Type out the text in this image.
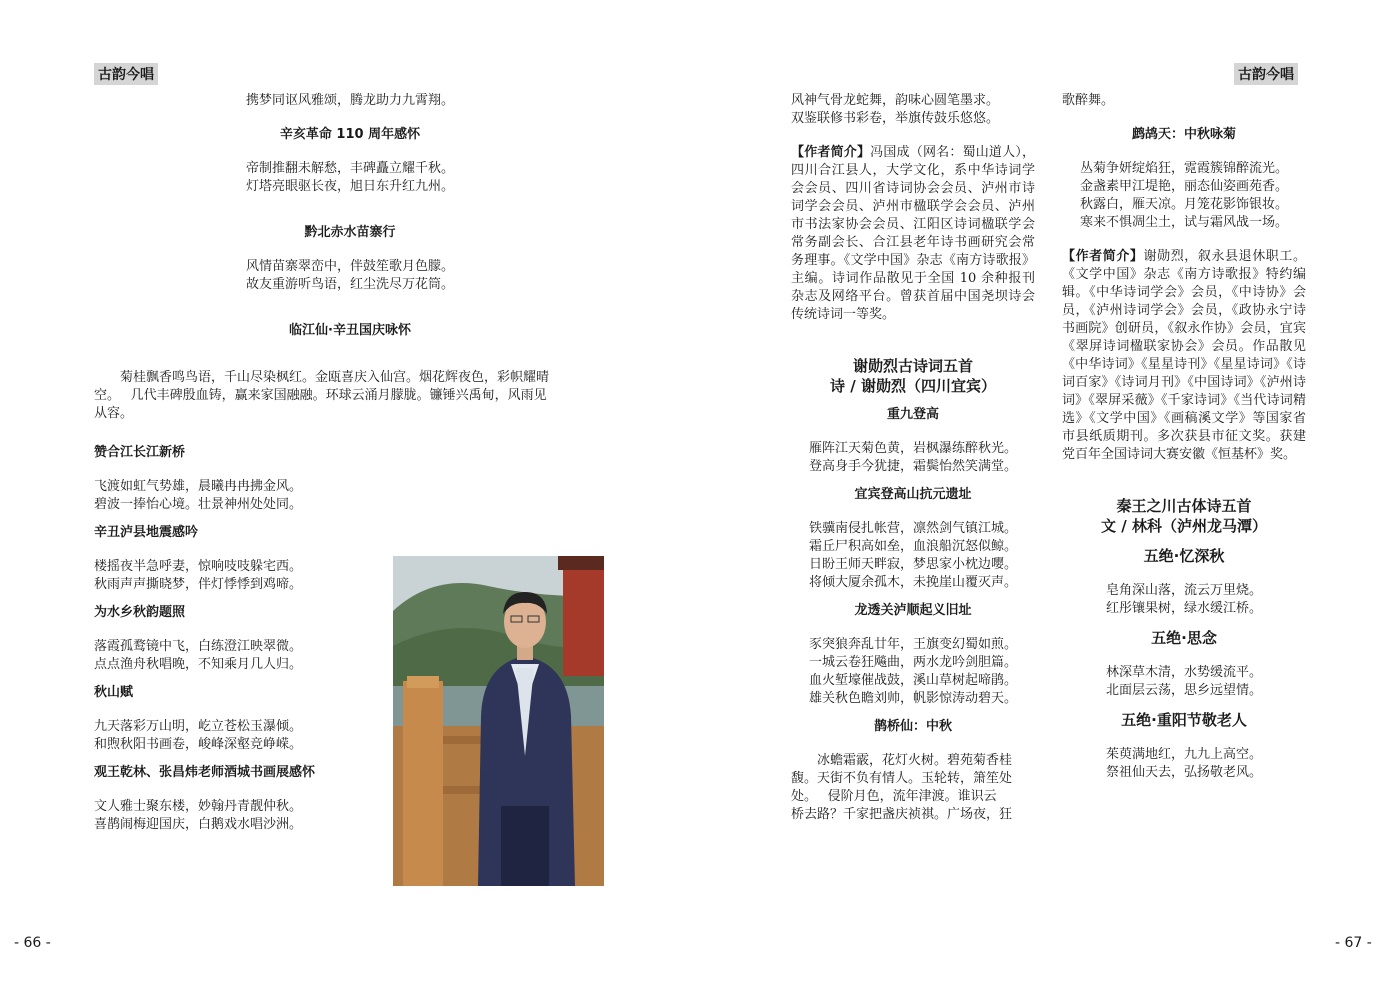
古韵今唱
携梦同讴风雅颂，腾龙助力九霄翔。
辛亥革命 110 周年感怀
帝制推翻未解愁，丰碑矗立耀千秋。
灯塔亮眼驱长夜，旭日东升红九州。
黔北赤水苗寨行
风情苗寨翠峦中，伴鼓笙歌月色朦。
故友重游听鸟语，红尘洗尽万花筒。
临江仙·辛丑国庆咏怀
菊桂飘香鸣鸟语，千山尽染枫红。金瓯喜庆入仙宫。烟花辉夜色，彩帜耀晴
空。　 几代丰碑殷血铸，赢来家国融融。环球云涌月朦胧。镰锤兴禹甸，风雨见
从容。
赞合江长江新桥
飞渡如虹气势雄，晨曦冉冉拂金风。
碧波一捧怡心境。壮景神州处处同。
辛丑泸县地震感吟
楼摇夜半急呼妻，惊响吱吱躲宅西。
秋雨声声撕晓梦，伴灯悸悸到鸡啼。
为水乡秋韵题照
落霞孤鹜镜中飞，白练澄江映翠微。
点点渔舟秋唱晚，不知乘月几人归。
秋山赋
九天落彩万山明，屹立苍松玉瀑倾。
和煦秋阳书画卷，峻峰深壑竞峥嵘。
观王乾林、张昌炜老师酒城书画展感怀
文人雅士聚东楼，妙翰丹青靓仲秋。
喜鹊闹梅迎国庆，白鹅戏水唱沙洲。
- 66 -
古韵今唱
风神气骨龙蛇舞，韵味心圆笔墨求。
双鉴联修书彩卷，举旗传鼓乐悠悠。
【作者简介】冯国成（网名：蜀山道人），四川合江县人，大学文化，系中华诗词学会会员、四川省诗词协会会员、泸州市诗词学会会员、泸州市楹联学会会员、泸州市书法家协会会员、江阳区诗词楹联学会常务副会长、合江县老年诗书画研究会常务理事。《文学中国》杂志《南方诗歌报》主编。诗词作品散见于全国 10 余种报刊杂志及网络平台。曾获首届中国尧坝诗会传统诗词一等奖。
谢勋烈古诗词五首
诗 / 谢勋烈（四川宜宾）
重九登高
雁阵江天菊色黄，岩枫瀑练醉秋光。
登高身手今犹捷，霜鬓怡然笑满堂。
宜宾登高山抗元遗址
铁骥南侵扎帐营，凛然剑气镇江城。
霜丘尸积高如垒，血浪船沉怒似鲸。
日盼王师天畔寂，梦思家小枕边嘤。
将倾大厦余孤木，未挽崖山覆灭声。
龙透关泸顺起义旧址
豕突狼奔乱廿年，王旗变幻蜀如煎。
一城云卷狂飚曲，两水龙吟剑胆篇。
血火堑壕催战鼓，溪山草树起啼鹃。
雄关秋色瞻刘帅，帆影惊涛动碧天。
鹊桥仙：中秋
冰蟾霜霰，花灯火树。碧苑菊香桂
馥。天街不负有情人。玉轮转，箫笙处
处。　 侵阶月色，流年津渡。谁识云
桥去路？千家把盏庆祯祺。广场夜，狂
歌醉舞。
鹧鸪天：中秋咏菊
丛菊争妍绽焰狂，霓霞簇锦醉流光。
金盏素甲江堤艳，丽态仙姿画苑香。
秋露白，雁天凉。月笼花影饰银妆。
寒来不惧凋尘土，试与霜风战一场。
【作者简介】谢勋烈，叙永县退休职工。《文学中国》杂志《南方诗歌报》特约编辑。《中华诗词学会》会员，《中诗协》会员，《泸州诗词学会》会员，《政协永宁诗书画院》创研员，《叙永作协》会员，宜宾《翠屏诗词楹联家协会》会员。作品散见《中华诗词》《星星诗刊》《星星诗词》《诗词百家》《诗词月刊》《中国诗词》《泸州诗词》《翠屏采薇》《千家诗词》《当代诗词精选》《文学中国》《画稿溪文学》等国家省市县纸质期刊。多次获县市征文奖。获建党百年全国诗词大赛安徽《恒基杯》奖。
秦王之川古体诗五首
文 / 林科（泸州龙马潭）
五绝·忆深秋
皂角深山落，流云万里烧。
红彤镶果树，绿水缓江桥。
五绝·思念
林深草木清，水势缓流平。
北面层云荡，思乡远望情。
五绝·重阳节敬老人
茱萸满地红，九九上高空。
祭祖仙天去，弘扬敬老风。
- 67 -
